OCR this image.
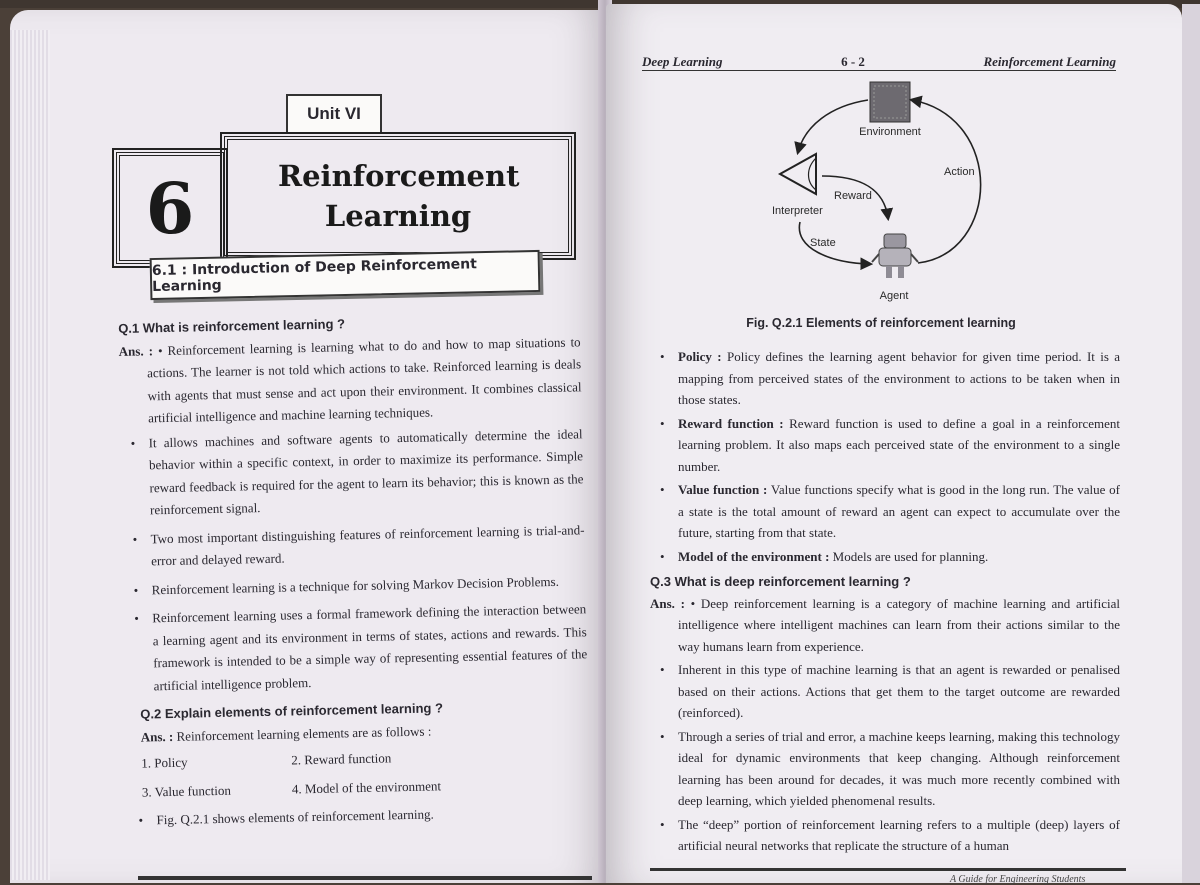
Unit VI
6	Reinforcement
Learning
6.1 : Introduction of Deep Reinforcement Learning

Q.1 What is reinforcement learning ?

Ans. : • Reinforcement learning is learning what to do and how to map situations to actions. The learner is not told which actions to take. Reinforced learning is deals with agents that must sense and act upon their environment. It combines classical artificial intelligence and machine learning techniques.
• It allows machines and software agents to automatically determine the ideal behavior within a specific context, in order to maximize its performance. Simple reward feedback is required for the agent to learn its behavior; this is known as the reinforcement signal.
• Two most important distinguishing features of reinforcement learning is trial-and-error and delayed reward.
• Reinforcement learning is a technique for solving Markov Decision Problems.
• Reinforcement learning uses a formal framework defining the interaction between a learning agent and its environment in terms of states, actions and rewards. This framework is intended to be a simple way of representing essential features of the artificial intelligence problem.

Q.2 Explain elements of reinforcement learning ?

Ans. : Reinforcement learning elements are as follows :

1. Policy	2. Reward function
3. Value function	4. Model of the environment
• Fig. Q.2.1 shows elements of reinforcement learning.
Deep Learning	6 - 2	Reinforcement Learning
Environment
Action
Interpreter
Reward
State
Agent
Fig. Q.2.1 Elements of reinforcement learning
• Policy : Policy defines the learning agent behavior for given time period. It is a mapping from perceived states of the environment to actions to be taken when in those states.
• Reward function : Reward function is used to define a goal in a reinforcement learning problem. It also maps each perceived state of the environment to a single number.
• Value function : Value functions specify what is good in the long run. The value of a state is the total amount of reward an agent can expect to accumulate over the future, starting from that state.
• Model of the environment : Models are used for planning.

Q.3 What is deep reinforcement learning ?

Ans. : • Deep reinforcement learning is a category of machine learning and artificial intelligence where intelligent machines can learn from their actions similar to the way humans learn from experience.
• Inherent in this type of machine learning is that an agent is rewarded or penalised based on their actions. Actions that get them to the target outcome are rewarded (reinforced).
• Through a series of trial and error, a machine keeps learning, making this technology ideal for dynamic environments that keep changing. Although reinforcement learning has been around for decades, it was much more recently combined with deep learning, which yielded phenomenal results.
• The “deep” portion of reinforcement learning refers to a multiple (deep) layers of artificial neural networks that replicate the structure of a human
A Guide for Engineering Students
